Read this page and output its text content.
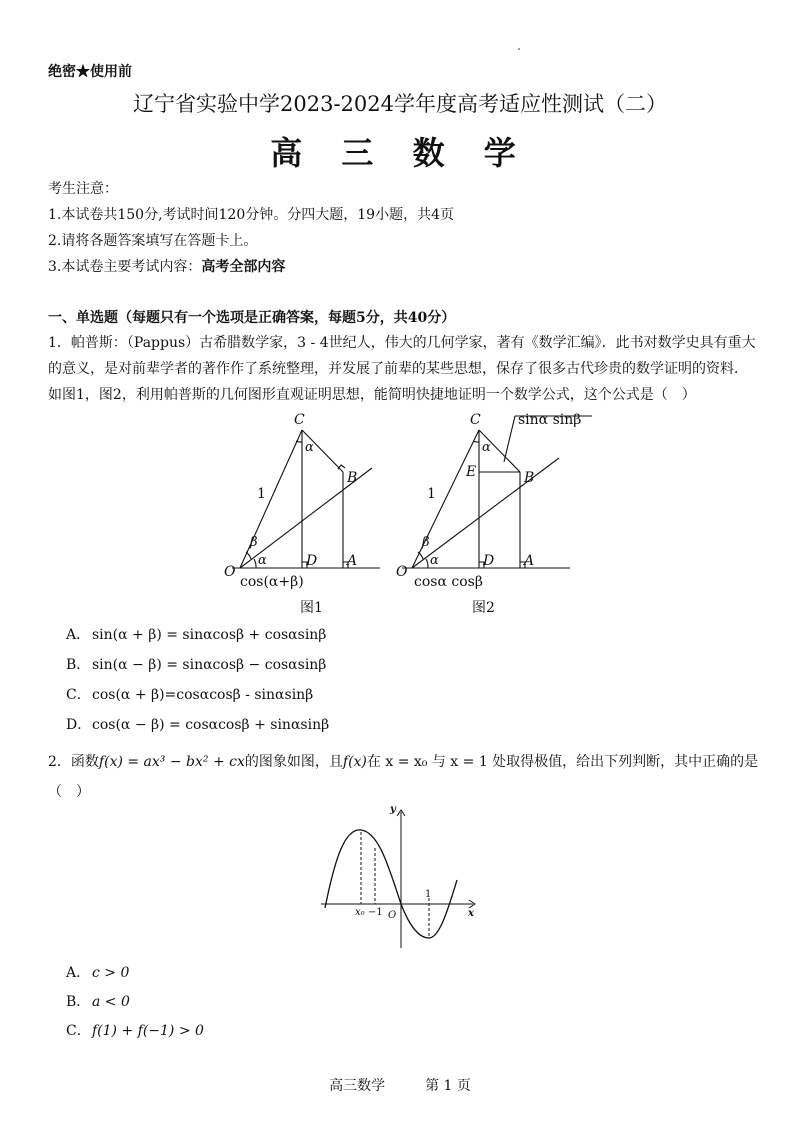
绝密★使用前
辽宁省实验中学2023-2024学年度高考适应性测试（二）
高 三 数 学
考生注意：
1.本试卷共150分,考试时间120分钟。分四大题，19小题，共4页
2.请将各题答案填写在答题卡上。
3.本试卷主要考试内容：高考全部内容
一、单选题（每题只有一个选项是正确答案，每题5分，共40分）
1．帕普斯：（Pappus）古希腊数学家，3 - 4世纪人，伟大的几何学家，著有《数学汇编》．此书对数学史具有重大的意义，是对前辈学者的著作作了系统整理，并发展了前辈的某些思想，保存了很多古代珍贵的数学证明的资料．如图1，图2，利用帕普斯的几何图形直观证明思想，能简明快捷地证明一个数学公式，这个公式是（　）
C
B
O
D A
α
α
β
C
B
O
D A
E
α
α
β
1
cos(α+β)
1
sinα sinβ
cosα cosβ
图1	图2
A． sin(α + β) = sinαcosβ + cosαsinβ
B． sin(α − β) = sinαcosβ − cosαsinβ
C．cos(α + β)=cosαcosβ - sinαsinβ
D．cos(α − β) = cosαcosβ + sinαsinβ
2．函数f(x) = ax³ − bx² + cx的图象如图，且f(x)在 x = x₀ 与 x = 1 处取得极值，给出下列判断，其中正确的是
（　）
y
x
O
x₀ −1
1
A． c > 0
B． a < 0
C．f(1) + f(−1) > 0
高三数学	第 1 页
